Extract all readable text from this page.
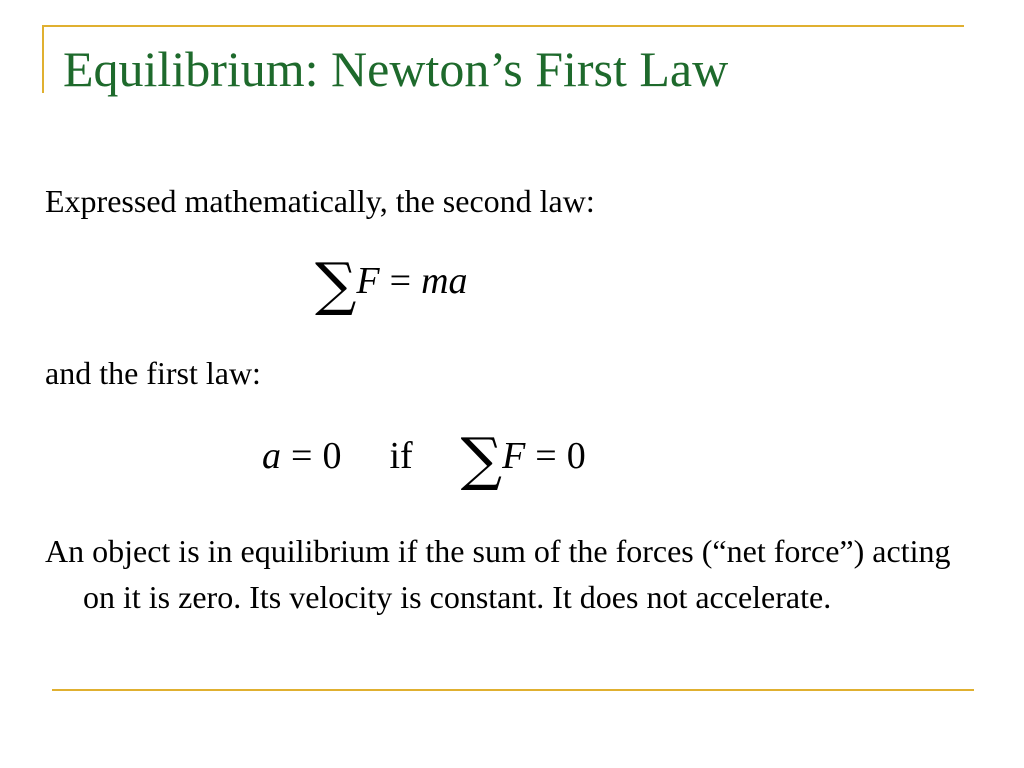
Equilibrium: Newton’s First Law

Expressed mathematically, the second law:

∑F = ma

and the first law:

a = 0 if ∑F = 0

An object is in equilibrium if the sum of the forces (“net force”) acting on it is zero. Its velocity is constant. It does not accelerate.
